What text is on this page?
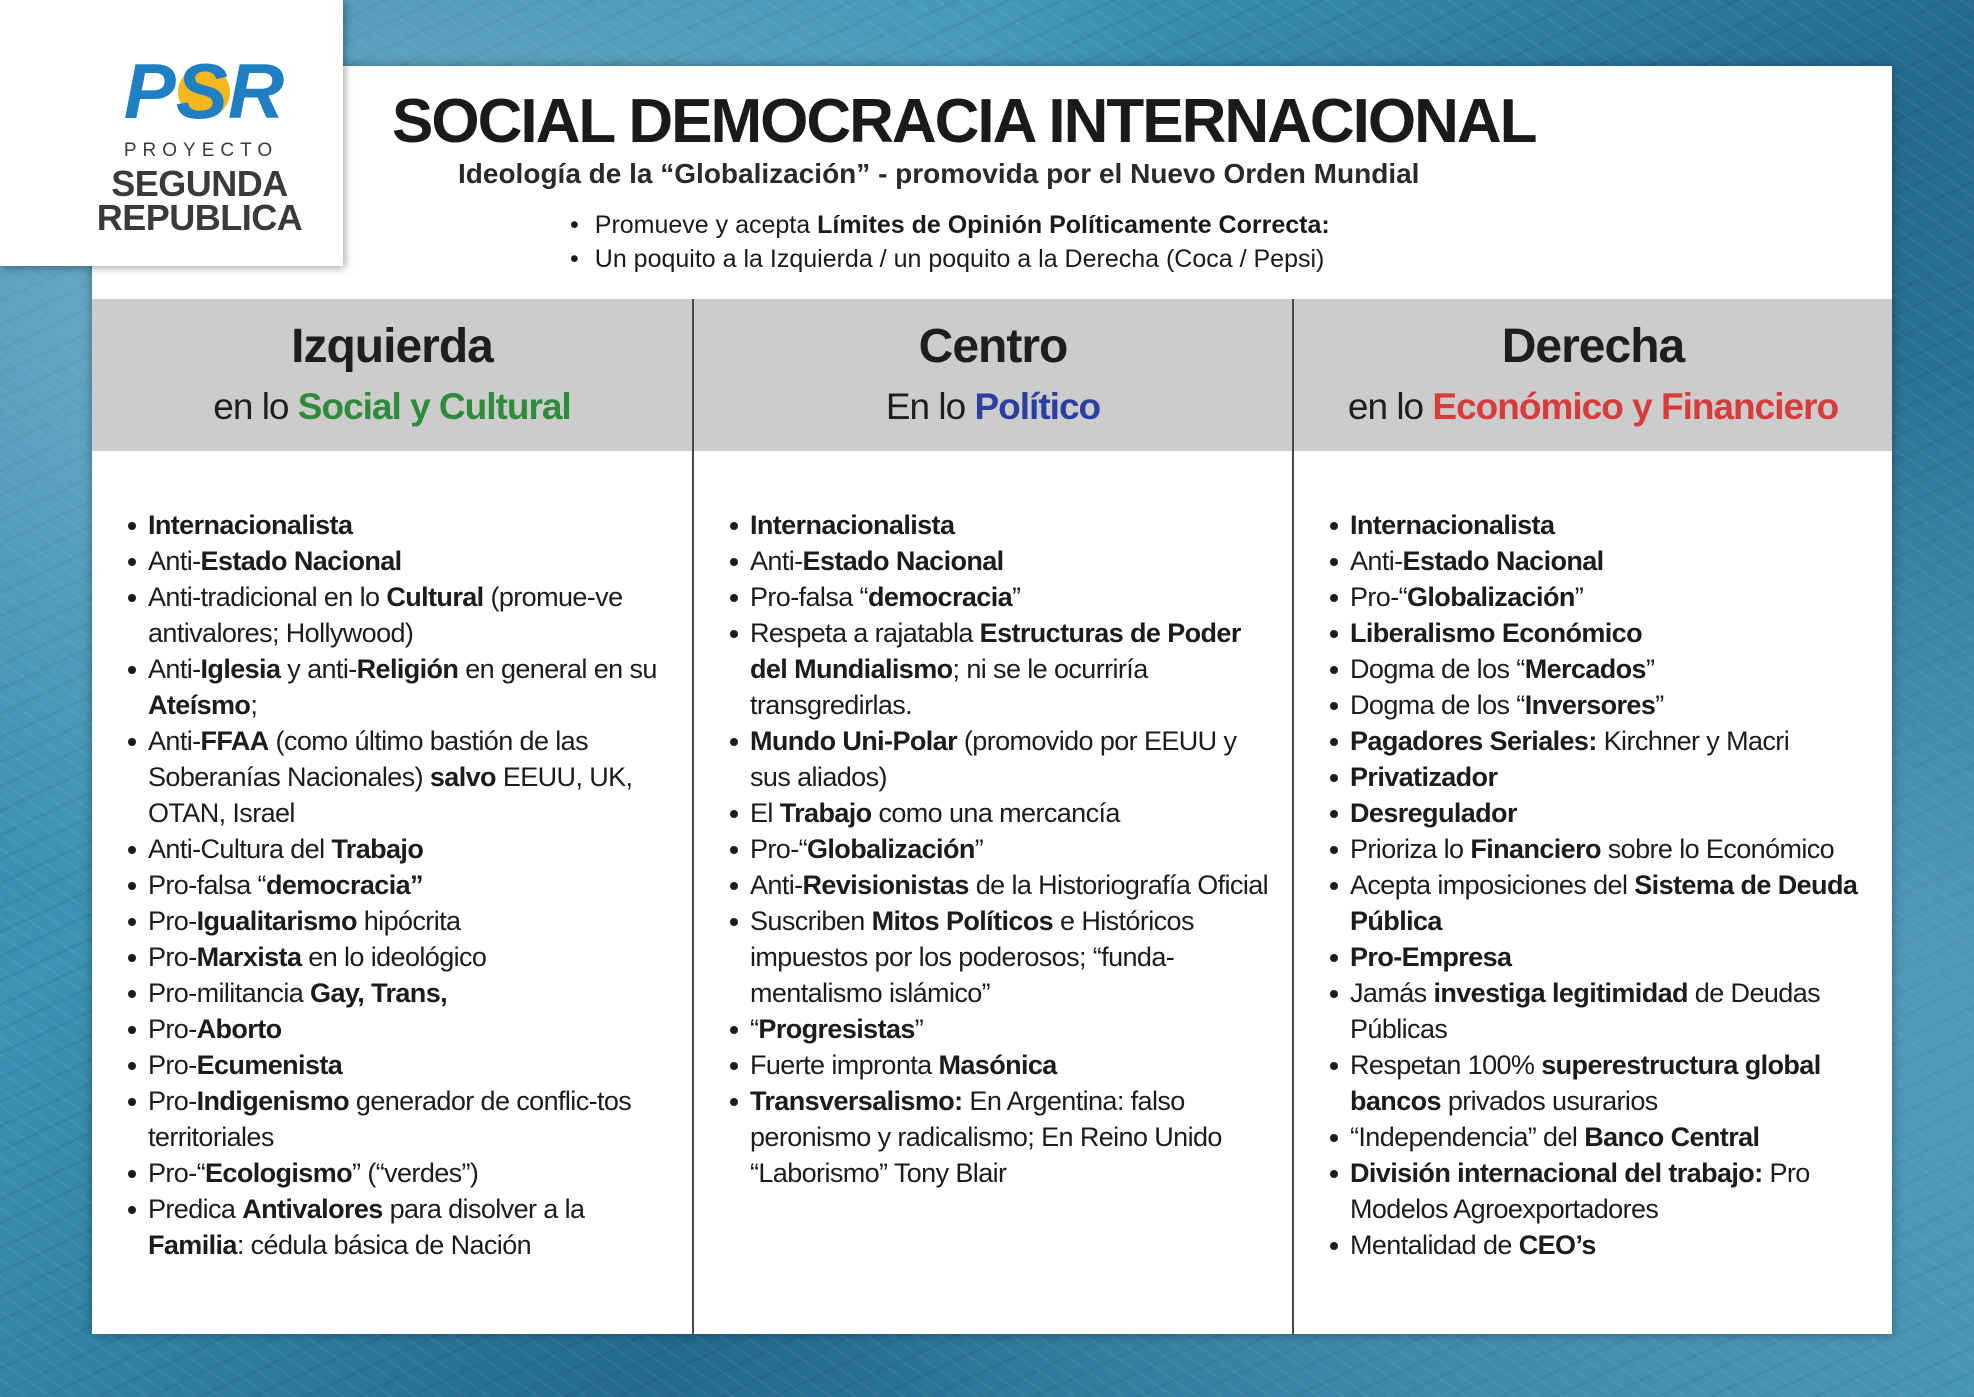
SOCIAL DEMOCRACIA INTERNACIONAL
Ideología de la “Globalización” - promovida por el Nuevo Orden Mundial
• Promueve y acepta Límites de Opinión Políticamente Correcta:
• Un poquito a la Izquierda / un poquito a la Derecha (Coca / Pepsi)
Izquierda
en lo Social y Cultural
Internacionalista
Anti-Estado Nacional
Anti-tradicional en lo Cultural (promue-ve antivalores; Hollywood)
Anti-Iglesia y anti-Religión en general en su Ateísmo;
Anti-FFAA (como último bastión de las Soberanías Nacionales) salvo EEUU, UK, OTAN, Israel
Anti-Cultura del Trabajo
Pro-falsa “democracia”
Pro-Igualitarismo hipócrita
Pro-Marxista en lo ideológico
Pro-militancia Gay, Trans,
Pro-Aborto
Pro-Ecumenista
Pro-Indigenismo generador de conflic-tos territoriales
Pro-“Ecologismo” (“verdes”)
Predica Antivalores para disolver a la Familia: cédula básica de Nación
Centro
En lo Político
Internacionalista
Anti-Estado Nacional
Pro-falsa “democracia”
Respeta a rajatabla Estructuras de Poder del Mundialismo; ni se le ocurriría transgredirlas.
Mundo Uni-Polar (promovido por EEUU y sus aliados)
El Trabajo como una mercancía
Pro-“Globalización”
Anti-Revisionistas de la Historiografía Oficial
Suscriben Mitos Políticos e Históricos impuestos por los poderosos; “funda-mentalismo islámico”
“Progresistas”
Fuerte impronta Masónica
Transversalismo: En Argentina: falso peronismo y radicalismo; En Reino Unido “Laborismo” Tony Blair
Derecha
en lo Económico y Financiero
Internacionalista
Anti-Estado Nacional
Pro-“Globalización”
Liberalismo Económico
Dogma de los “Mercados”
Dogma de los “Inversores”
Pagadores Seriales: Kirchner y Macri
Privatizador
Desregulador
Prioriza lo Financiero sobre lo Económico
Acepta imposiciones del Sistema de Deuda Pública
Pro-Empresa
Jamás investiga legitimidad de Deudas Públicas
Respetan 100% superestructura global bancos privados usurarios
“Independencia” del Banco Central
División internacional del trabajo: Pro Modelos Agroexportadores
Mentalidad de CEO’s
PSR
PROYECTO
SEGUNDA
REPUBLICA
